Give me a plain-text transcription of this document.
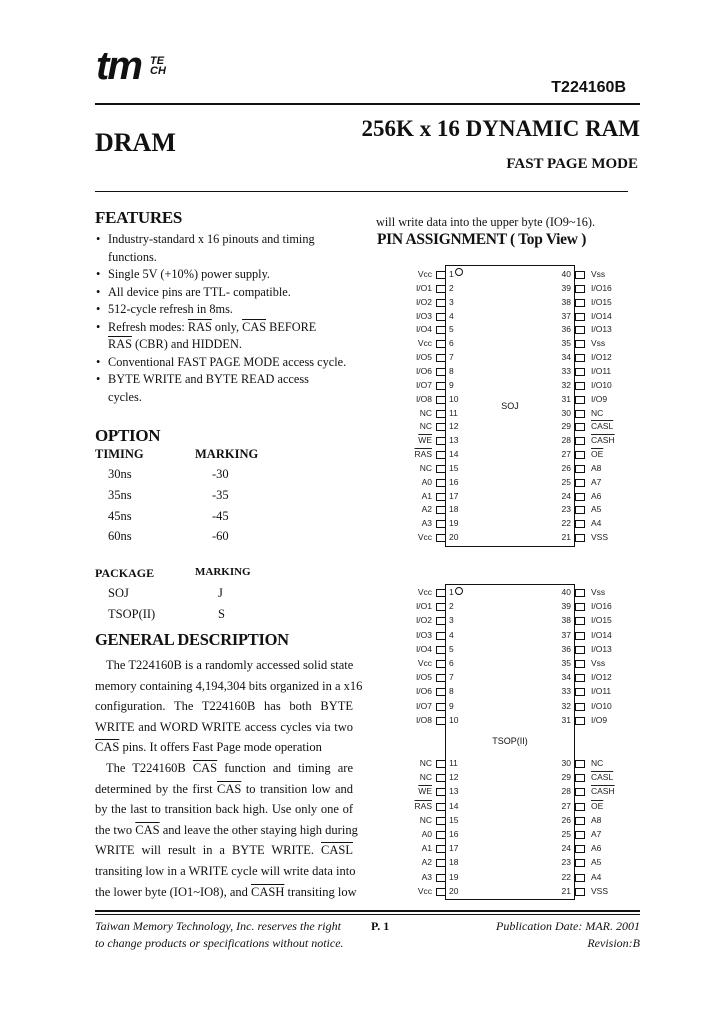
tm TE CH
T224160B
DRAM	256K x 16 DYNAMIC RAM
FAST PAGE MODE
FEATURES
• Industry-standard x 16 pinouts and timing
functions.
• Single 5V (+10%) power supply.
• All device pins are TTL- compatible.
• 512-cycle refresh in 8ms.
• Refresh modes: $\overline{RAS}$ only, $\overline{CAS}$ BEFORE
$\overline{RAS}$ (CBR) and HIDDEN.
• Conventional FAST PAGE MODE access cycle.
• BYTE WRITE and BYTE READ access
cycles.
OPTION
TIMING	MARKING
30ns	-30
35ns	-35
45ns	-45
60ns	-60
PACKAGE	MARKING
SOJ	J
TSOP(II)	S
GENERAL DESCRIPTION
The T224160B is a randomly accessed solid state
memory containing 4,194,304 bits organized in a x16
configuration. The T224160B has both BYTE
WRITE and WORD WRITE access cycles via two
$\overline{CAS}$ pins. It offers Fast Page mode operation
The T224160B $\overline{CAS}$ function and timing are
determined by the first $\overline{CAS}$ to transition low and
by the last to transition back high. Use only one of
the two $\overline{CAS}$ and leave the other staying high during
WRITE will result in a BYTE WRITE. CASL
transiting low in a WRITE cycle will write data into
the lower byte (IO1~IO8), and CASH transiting low
will write data into the upper byte (IO9~16).
PIN ASSIGNMENT ( Top View )
SOJ
Vcc 1	40 Vss
I/O1 2	39 I/O16
I/O2 3	38 I/O15
I/O3 4	37 I/O14
I/O4 5	36 I/O13
Vcc 6	35 Vss
I/O5 7	34 I/O12
I/O6 8	33 I/O11
I/O7 9	32 I/O10
I/O8 10	31 I/O9
NC 11	30 NC
NC 12	29 CASL
$\overline{WE}$ 13	28 CASH
$\overline{RAS}$ 14	27 $\overline{OE}$
NC 15	26 A8
A0 16	25 A7
A1 17	24 A6
A2 18	23 A5
A3 19	22 A4
Vcc 20	21 VSS
TSOP(II)
Vcc 1	40 Vss
I/O1 2	39 I/O16
I/O2 3	38 I/O15
I/O3 4	37 I/O14
I/O4 5	36 I/O13
Vcc 6	35 Vss
I/O5 7	34 I/O12
I/O6 8	33 I/O11
I/O7 9	32 I/O10
I/O8 10	31 I/O9
NC 11	30 NC
NC 12	29 CASL
$\overline{WE}$ 13	28 CASH
$\overline{RAS}$ 14	27 $\overline{OE}$
NC 15	26 A8
A0 16	25 A7
A1 17	24 A6
A2 18	23 A5
A3 19	22 A4
Vcc 20	21 VSS
Taiwan Memory Technology, Inc. reserves the right
to change products or specifications without notice.
P. 1	Publication Date: MAR. 2001
Revision:B
